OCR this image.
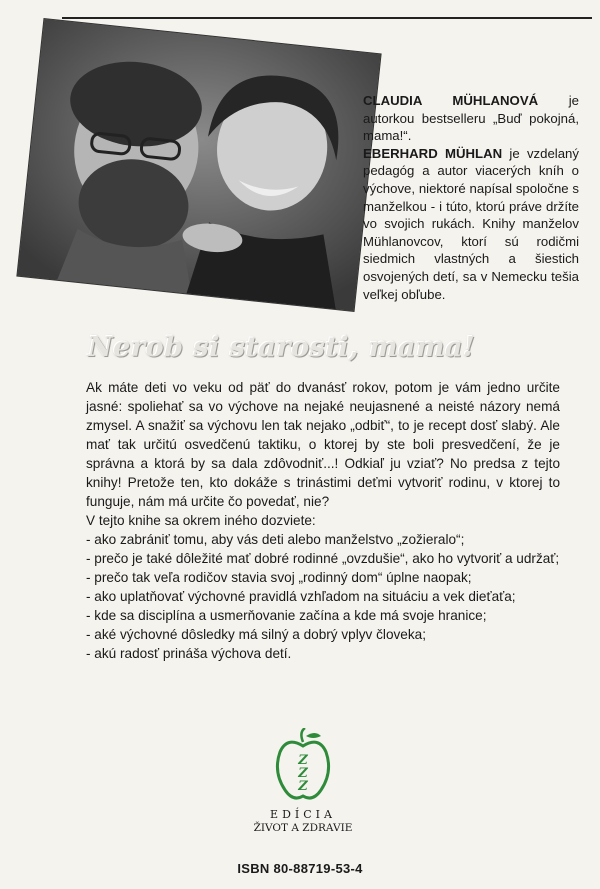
CLAUDIA MÜHLANOVÁ je autorkou bestselleru „Buď pokojná, mama!“.

EBERHARD MÜHLAN je vzdelaný pedagóg a autor viacerých kníh o výchove, niektoré napísal spoločne s manželkou - i túto, ktorú práve držíte vo svojich rukách. Knihy manželov Mühlanovcov, ktorí sú rodičmi siedmich vlastných a šiestich osvojených detí, sa v Nemecku tešia veľkej obľube.

Nerob si starosti, mama!

Ak máte deti vo veku od päť do dvanásť rokov, potom je vám jedno určite jasné: spoliehať sa vo výchove na nejaké neujasnené a neisté názory nemá zmysel. A snažiť sa výchovu len tak nejako „odbiť“, to je recept dosť slabý. Ale mať tak určitú osvedčenú taktiku, o ktorej by ste boli presvedčení, že je správna a ktorá by sa dala zdôvodniť...! Odkiaľ ju vziať? No predsa z tejto knihy! Pretože ten, kto dokáže s trinástimi deťmi vytvoriť rodinu, v ktorej to funguje, nám má určite čo povedať, nie?

V tejto knihe sa okrem iného dozviete:

- ako zabrániť tomu, aby vás deti alebo manželstvo „zožieralo“;
- prečo je také dôležité mať dobré rodinné „ovzdušie“, ako ho vytvoriť a udržať;
- prečo tak veľa rodičov stavia svoj „rodinný dom“ úplne naopak;
- ako uplatňovať výchovné pravidlá vzhľadom na situáciu a vek dieťaťa;
- kde sa disciplína a usmerňovanie začína a kde má svoje hranice;
- aké výchovné dôsledky má silný a dobrý vplyv človeka;
- akú radosť prináša výchova detí.
Z
Z
Z
EDÍCIA
ŽIVOT A ZDRAVIE
ISBN 80-88719-53-4
